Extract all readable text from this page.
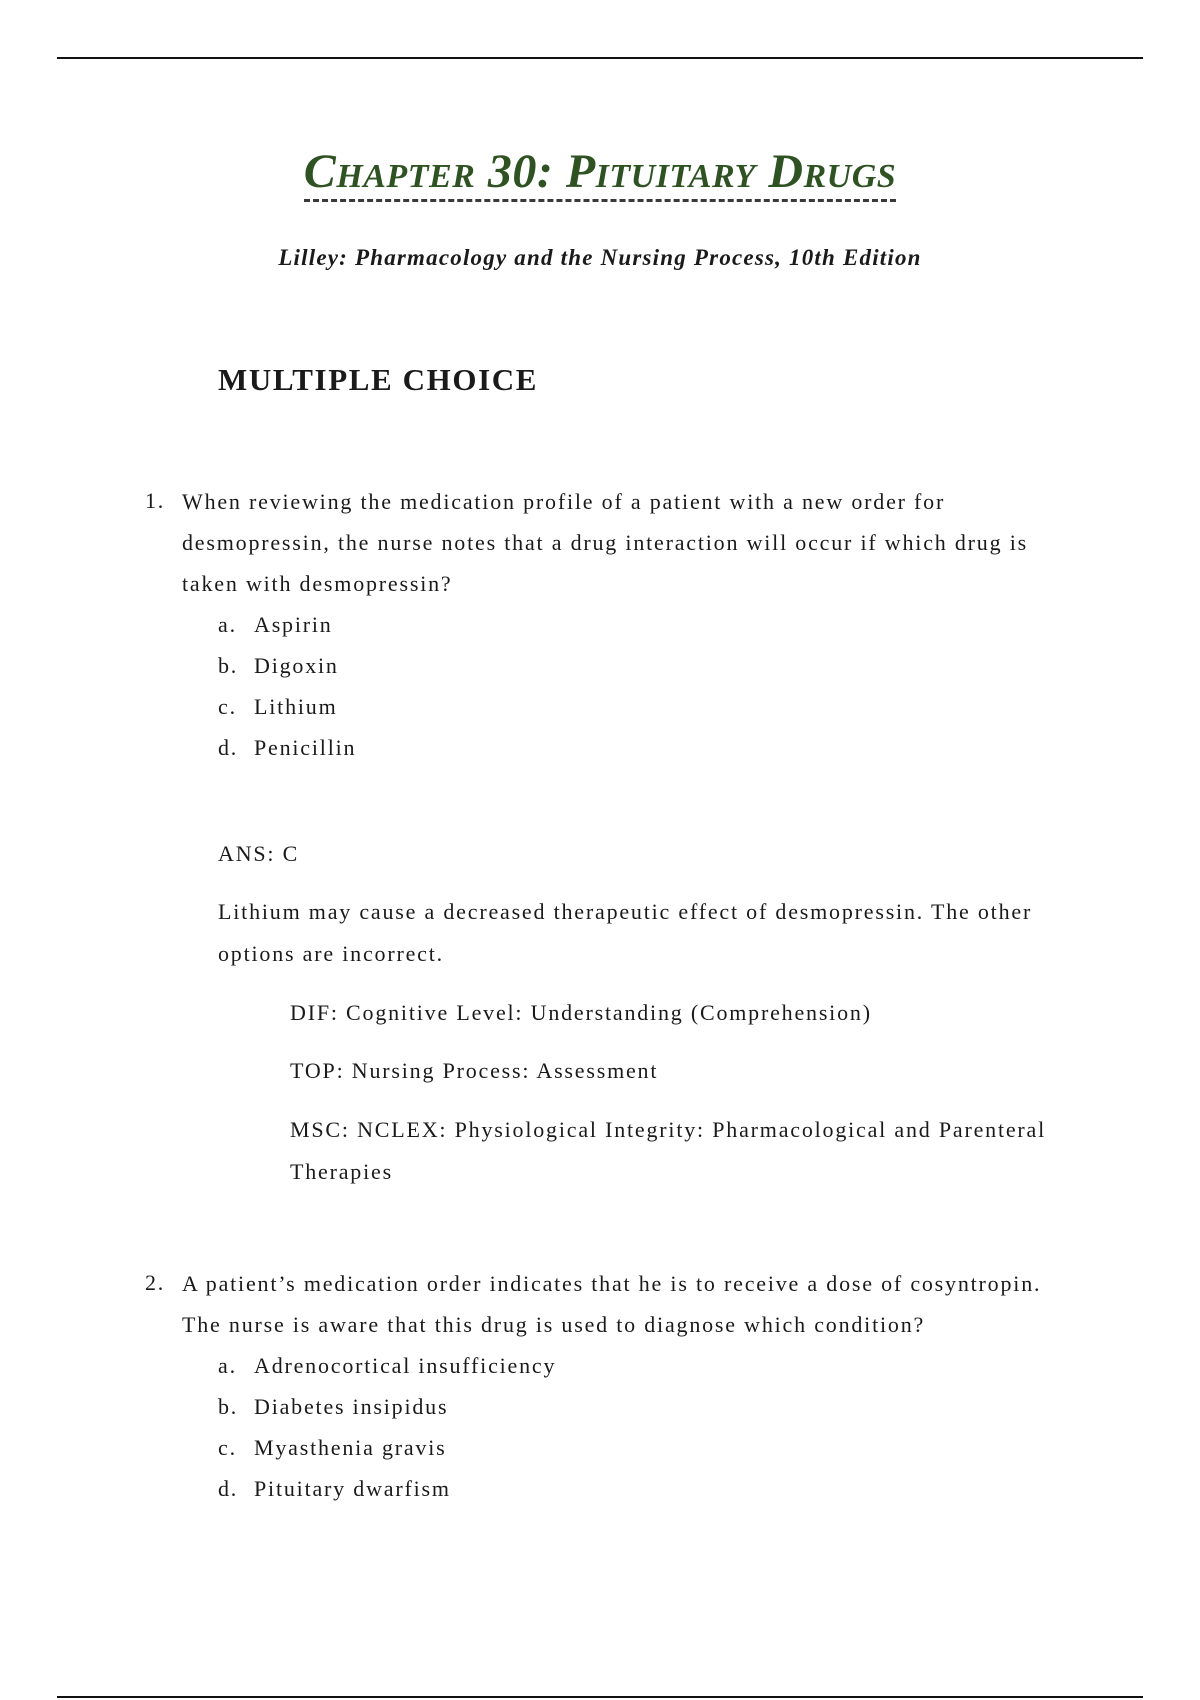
Chapter 30: Pituitary Drugs
Lilley: Pharmacology and the Nursing Process, 10th Edition
MULTIPLE CHOICE
1. When reviewing the medication profile of a patient with a new order for desmopressin, the nurse notes that a drug interaction will occur if which drug is taken with desmopressin?
a. Aspirin
b. Digoxin
c. Lithium
d. Penicillin
ANS: C
Lithium may cause a decreased therapeutic effect of desmopressin. The other options are incorrect.
DIF: Cognitive Level: Understanding (Comprehension)
TOP: Nursing Process: Assessment
MSC: NCLEX: Physiological Integrity: Pharmacological and Parenteral Therapies
2. A patient’s medication order indicates that he is to receive a dose of cosyntropin. The nurse is aware that this drug is used to diagnose which condition?
a. Adrenocortical insufficiency
b. Diabetes insipidus
c. Myasthenia gravis
d. Pituitary dwarfism
